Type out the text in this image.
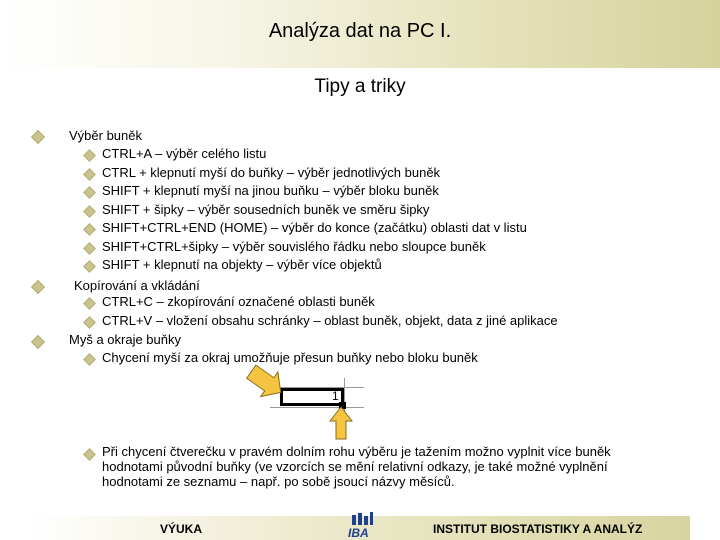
Analýza dat na PC I.
Tipy a triky
Výběr buněk
CTRL+A – výběr celého listu
CTRL + klepnutí myší do buňky – výběr jednotlivých buněk
SHIFT + klepnutí myší na jinou buňku – výběr bloku buněk
SHIFT + šipky – výběr sousedních buněk ve směru šipky
SHIFT+CTRL+END (HOME) – výběr do konce (začátku) oblasti dat v listu
SHIFT+CTRL+šipky – výběr souvislého řádku nebo sloupce buněk
SHIFT + klepnutí na objekty – výběr více objektů
Kopírování a vkládání
CTRL+C – zkopírování označené oblasti buněk
CTRL+V – vložení obsahu schránky – oblast buněk, objekt, data z jiné aplikace
Myš a okraje buňky
Chycení myší za okraj umožňuje přesun buňky nebo bloku buněk
Při chycení čtverečku v pravém dolním rohu výběru je tažením možno vyplnit více buněk hodnotami původní buňky (ve vzorcích se mění relativní odkazy, je také možné vyplnění hodnotami ze seznamu – např. po sobě jsoucí názvy měsíců.
1
VÝUKA	IBA	INSTITUT BIOSTATISTIKY A ANALÝZ
